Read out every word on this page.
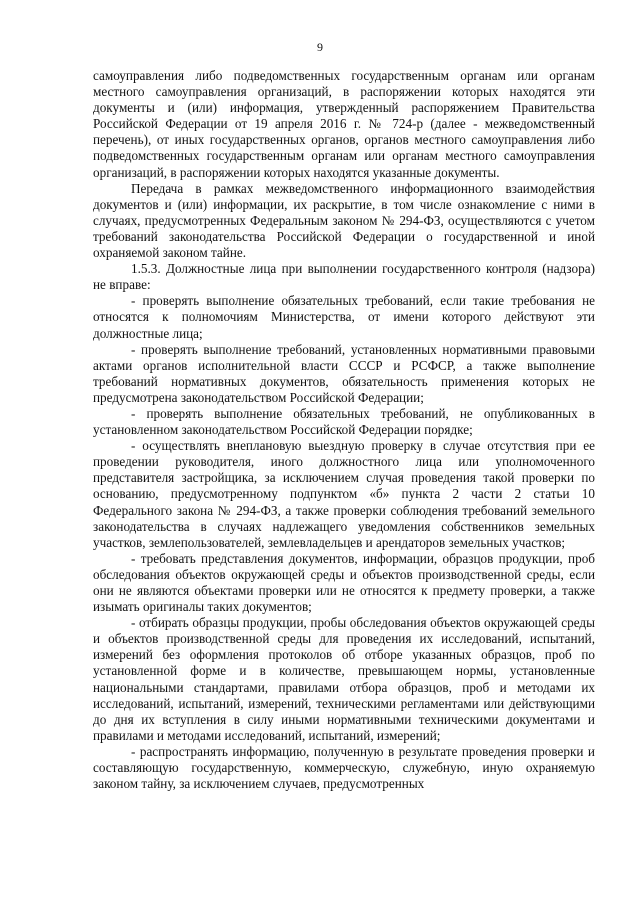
9

самоуправления либо подведомственных государственным органам или органам местного самоуправления организаций, в распоряжении которых находятся эти документы и (или) информация, утвержденный распоряжением Правительства Российской Федерации от 19 апреля 2016 г. № 724-р (далее - межведомственный перечень), от иных государственных органов, органов местного самоуправления либо подведомственных государственным органам или органам местного самоуправления организаций, в распоряжении которых находятся указанные документы.

Передача в рамках межведомственного информационного взаимодействия документов и (или) информации, их раскрытие, в том числе ознакомление с ними в случаях, предусмотренных Федеральным законом № 294-ФЗ, осуществляются с учетом требований законодательства Российской Федерации о государственной и иной охраняемой законом тайне.

1.5.3. Должностные лица при выполнении государственного контроля (надзора) не вправе:

- проверять выполнение обязательных требований, если такие требования не относятся к полномочиям Министерства, от имени которого действуют эти должностные лица;

- проверять выполнение требований, установленных нормативными правовыми актами органов исполнительной власти СССР и РСФСР, а также выполнение требований нормативных документов, обязательность применения которых не предусмотрена законодательством Российской Федерации;

- проверять выполнение обязательных требований, не опубликованных в установленном законодательством Российской Федерации порядке;

- осуществлять внеплановую выездную проверку в случае отсутствия при ее проведении руководителя, иного должностного лица или уполномоченного представителя застройщика, за исключением случая проведения такой проверки по основанию, предусмотренному подпунктом «б» пункта 2 части 2 статьи 10 Федерального закона № 294-ФЗ, а также проверки соблюдения требований земельного законодательства в случаях надлежащего уведомления собственников земельных участков, землепользователей, землевладельцев и арендаторов земельных участков;

- требовать представления документов, информации, образцов продукции, проб обследования объектов окружающей среды и объектов производственной среды, если они не являются объектами проверки или не относятся к предмету проверки, а также изымать оригиналы таких документов;

- отбирать образцы продукции, пробы обследования объектов окружающей среды и объектов производственной среды для проведения их исследований, испытаний, измерений без оформления протоколов об отборе указанных образцов, проб по установленной форме и в количестве, превышающем нормы, установленные национальными стандартами, правилами отбора образцов, проб и методами их исследований, испытаний, измерений, техническими регламентами или действующими до дня их вступления в силу иными нормативными техническими документами и правилами и методами исследований, испытаний, измерений;

- распространять информацию, полученную в результате проведения проверки и составляющую государственную, коммерческую, служебную, иную охраняемую законом тайну, за исключением случаев, предусмотренных
